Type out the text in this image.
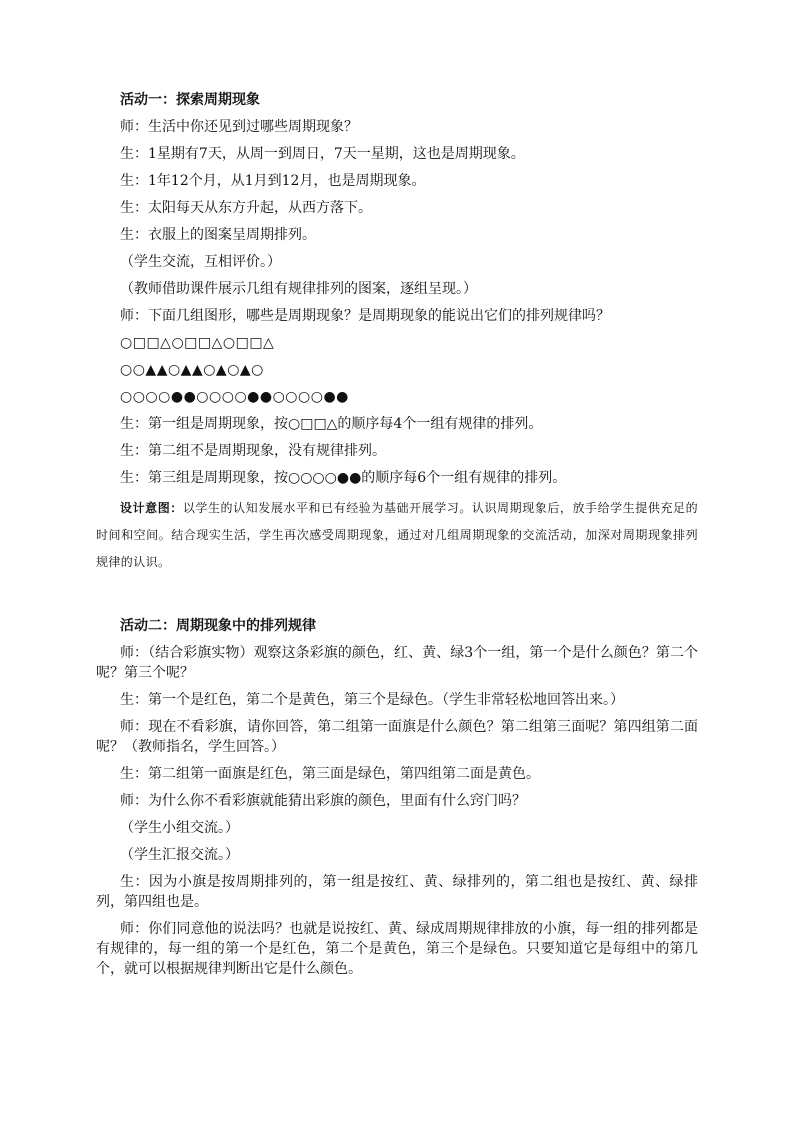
活动一：探索周期现象

师：生活中你还见到过哪些周期现象？

生：1星期有7天，从周一到周日，7天一星期，这也是周期现象。

生：1年12个月，从1月到12月，也是周期现象。

生：太阳每天从东方升起，从西方落下。

生：衣服上的图案呈周期排列。

（学生交流，互相评价。）

（教师借助课件展示几组有规律排列的图案，逐组呈现。）

师：下面几组图形，哪些是周期现象？是周期现象的能说出它们的排列规律吗？

○□□△○□□△○□□△

○○▲▲○▲▲○▲○▲○

○○○○●●○○○○●●○○○○●●

生：第一组是周期现象，按○□□△的顺序每4个一组有规律的排列。

生：第二组不是周期现象，没有规律排列。

生：第三组是周期现象，按○○○○●●的顺序每6个一组有规律的排列。

设计意图：以学生的认知发展水平和已有经验为基础开展学习。认识周期现象后，放手给学生提供充足的时间和空间。结合现实生活，学生再次感受周期现象，通过对几组周期现象的交流活动，加深对周期现象排列规律的认识。

活动二：周期现象中的排列规律

师：（结合彩旗实物）观察这条彩旗的颜色，红、黄、绿3个一组，第一个是什么颜色？第二个呢？第三个呢？

生：第一个是红色，第二个是黄色，第三个是绿色。（学生非常轻松地回答出来。）

师：现在不看彩旗，请你回答，第二组第一面旗是什么颜色？第二组第三面呢？第四组第二面呢？（教师指名，学生回答。）

生：第二组第一面旗是红色，第三面是绿色，第四组第二面是黄色。

师：为什么你不看彩旗就能猜出彩旗的颜色，里面有什么窍门吗？

（学生小组交流。）

（学生汇报交流。）

生：因为小旗是按周期排列的，第一组是按红、黄、绿排列的，第二组也是按红、黄、绿排列，第四组也是。

师：你们同意他的说法吗？也就是说按红、黄、绿成周期规律排放的小旗，每一组的排列都是有规律的，每一组的第一个是红色，第二个是黄色，第三个是绿色。只要知道它是每组中的第几个，就可以根据规律判断出它是什么颜色。
